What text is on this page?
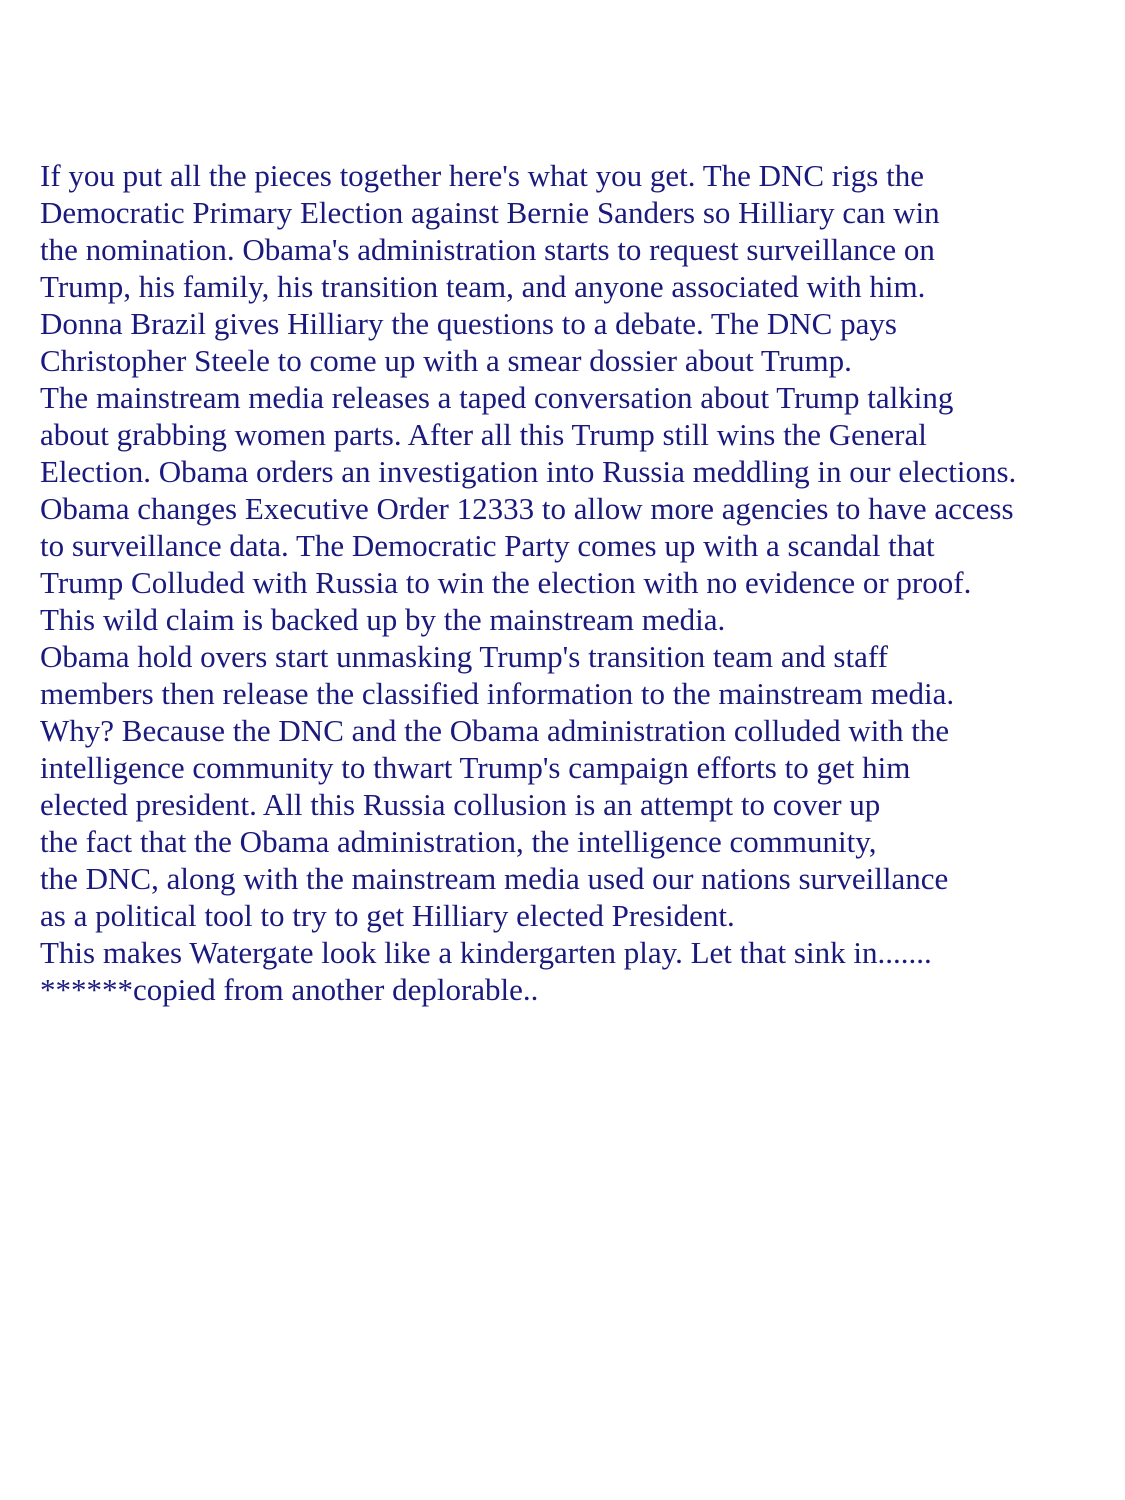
If you put all the pieces together here's what you get. The DNC rigs the
Democratic Primary Election against Bernie Sanders so Hilliary can win
the nomination. Obama's administration starts to request surveillance on
Trump, his family, his transition team, and anyone associated with him.
Donna Brazil gives Hilliary the questions to a debate. The DNC pays
Christopher Steele to come up with a smear dossier about Trump.
The mainstream media releases a taped conversation about Trump talking
about grabbing women parts. After all this Trump still wins the General
Election. Obama orders an investigation into Russia meddling in our elections.
Obama changes Executive Order 12333 to allow more agencies to have access
to surveillance data. The Democratic Party comes up with a scandal that
Trump Colluded with Russia to win the election with no evidence or proof.
This wild claim is backed up by the mainstream media.
Obama hold overs start unmasking Trump's transition team and staff
members then release the classified information to the mainstream media.
Why? Because the DNC and the Obama administration colluded with the
intelligence community to thwart Trump's campaign efforts to get him
elected president. All this Russia collusion is an attempt to cover up
the fact that the Obama administration, the intelligence community,
the DNC, along with the mainstream media used our nations surveillance
as a political tool to try to get Hilliary elected President.
This makes Watergate look like a kindergarten play. Let that sink in.......
******copied from another deplorable..
